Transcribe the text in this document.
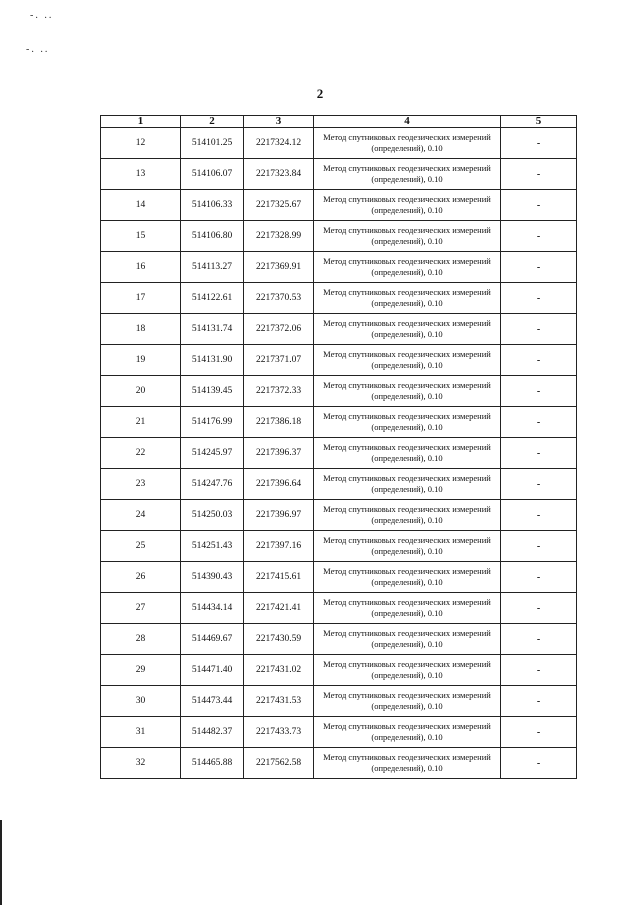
-. ..
-. ..
2
1	2	3	4	5
12	514101.25	2217324.12	Метод спутниковых геодезических измерений (определений), 0.10	-
13	514106.07	2217323.84	Метод спутниковых геодезических измерений (определений), 0.10	-
14	514106.33	2217325.67	Метод спутниковых геодезических измерений (определений), 0.10	-
15	514106.80	2217328.99	Метод спутниковых геодезических измерений (определений), 0.10	-
16	514113.27	2217369.91	Метод спутниковых геодезических измерений (определений), 0.10	-
17	514122.61	2217370.53	Метод спутниковых геодезических измерений (определений), 0.10	-
18	514131.74	2217372.06	Метод спутниковых геодезических измерений (определений), 0.10	-
19	514131.90	2217371.07	Метод спутниковых геодезических измерений (определений), 0.10	-
20	514139.45	2217372.33	Метод спутниковых геодезических измерений (определений), 0.10	-
21	514176.99	2217386.18	Метод спутниковых геодезических измерений (определений), 0.10	-
22	514245.97	2217396.37	Метод спутниковых геодезических измерений (определений), 0.10	-
23	514247.76	2217396.64	Метод спутниковых геодезических измерений (определений), 0.10	-
24	514250.03	2217396.97	Метод спутниковых геодезических измерений (определений), 0.10	-
25	514251.43	2217397.16	Метод спутниковых геодезических измерений (определений), 0.10	-
26	514390.43	2217415.61	Метод спутниковых геодезических измерений (определений), 0.10	-
27	514434.14	2217421.41	Метод спутниковых геодезических измерений (определений), 0.10	-
28	514469.67	2217430.59	Метод спутниковых геодезических измерений (определений), 0.10	-
29	514471.40	2217431.02	Метод спутниковых геодезических измерений (определений), 0.10	-
30	514473.44	2217431.53	Метод спутниковых геодезических измерений (определений), 0.10	-
31	514482.37	2217433.73	Метод спутниковых геодезических измерений (определений), 0.10	-
32	514465.88	2217562.58	Метод спутниковых геодезических измерений (определений), 0.10	-
